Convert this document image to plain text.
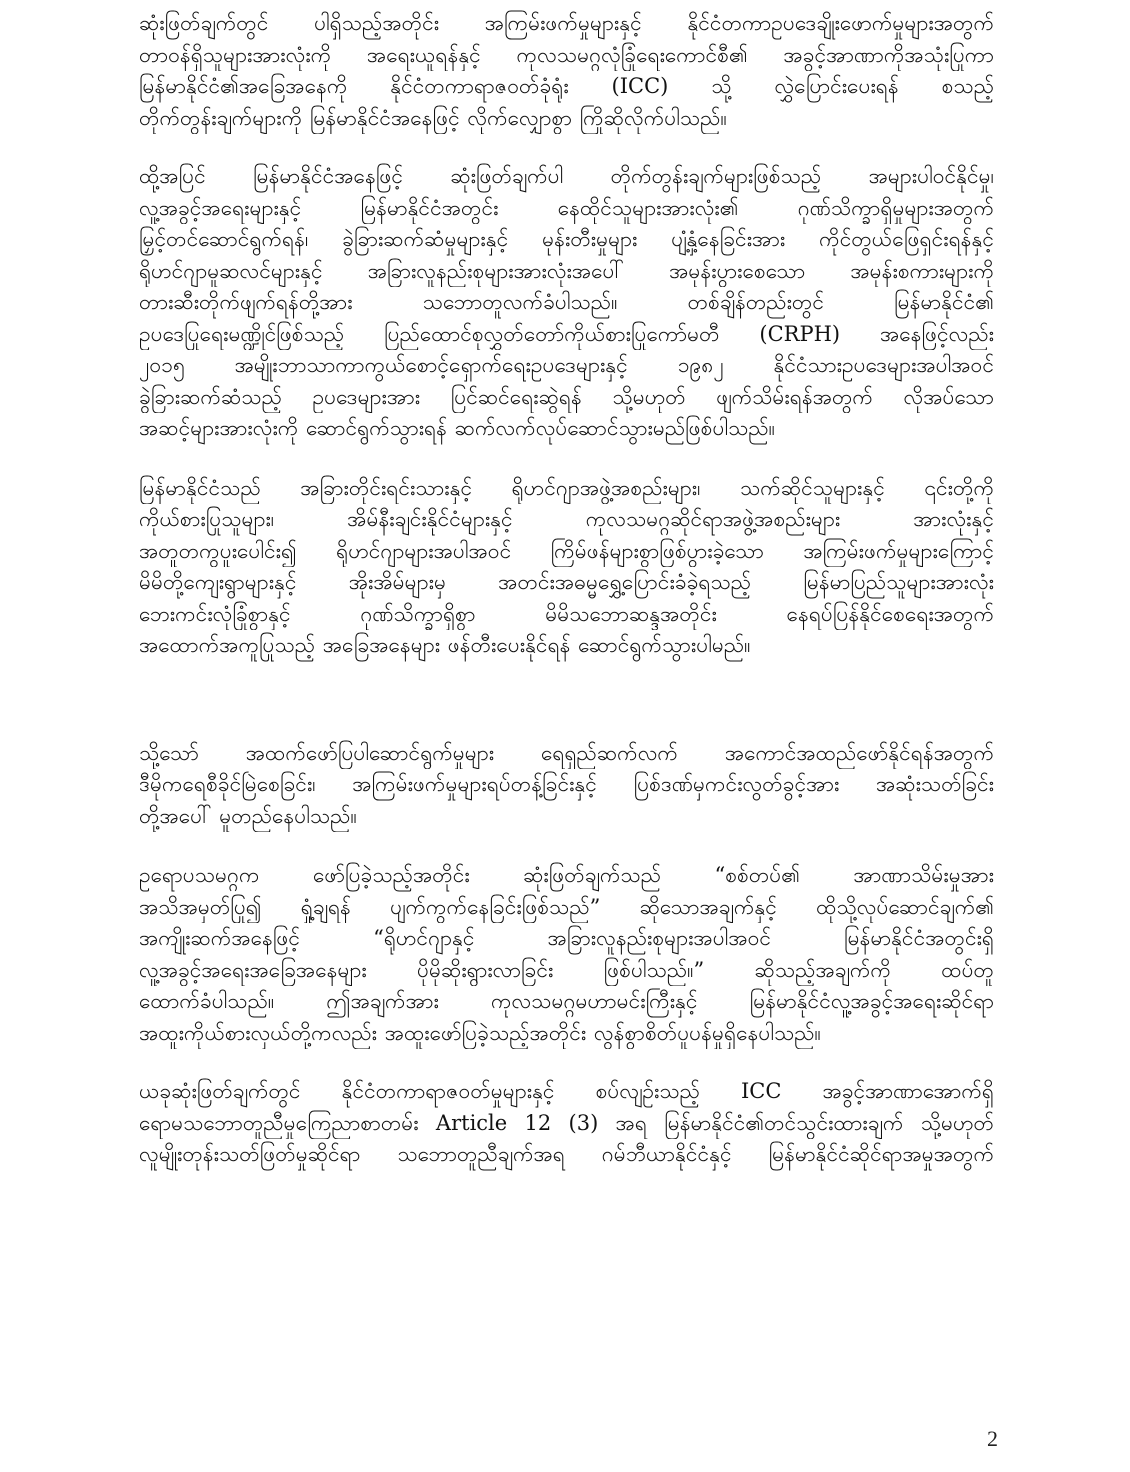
ဆုံးဖြတ်ချက်တွင် ပါရှိသည့်အတိုင်း အကြမ်းဖက်မှုများနှင့် နိုင်ငံတကာဥပဒေချိုးဖောက်မှုများအတွက်
တာဝန်ရှိသူများအားလုံးကို အရေးယူရန်နှင့် ကုလသမဂ္ဂလုံခြုံရေးကောင်စီ၏ အခွင့်အာဏာကိုအသုံးပြုကာ
မြန်မာနိုင်ငံ၏အခြေအနေကို နိုင်ငံတကာရာဇဝတ်ခုံရုံး (ICC) သို့ လွှဲပြောင်းပေးရန် စသည့်
တိုက်တွန်းချက်များကို မြန်မာနိုင်ငံအနေဖြင့် လိုက်လျှောစွာ ကြိုဆိုလိုက်ပါသည်။
ထို့အပြင် မြန်မာနိုင်ငံအနေဖြင့် ဆုံးဖြတ်ချက်ပါ တိုက်တွန်းချက်များဖြစ်သည့် အများပါဝင်နိုင်မှု၊
လူ့အခွင့်အရေးများနှင့် မြန်မာနိုင်ငံအတွင်း နေထိုင်သူများအားလုံး၏ ဂုဏ်သိက္ခာရှိမှုများအတွက်
မြှင့်တင်ဆောင်ရွက်ရန်၊ ခွဲခြားဆက်ဆံမှုများနှင့် မုန်းတီးမှုများ ပျံ့နှံ့နေခြင်းအား ကိုင်တွယ်ဖြေရှင်းရန်နှင့်
ရိုဟင်ဂျာမူဆလင်များနှင့် အခြားလူနည်းစုများအားလုံးအပေါ် အမုန်းပွားစေသော အမုန်းစကားများကို
တားဆီးတိုက်ဖျက်ရန်တို့အား သဘောတူလက်ခံပါသည်။ တစ်ချိန်တည်းတွင် မြန်မာနိုင်ငံ၏
ဥပဒေပြုရေးမဏ္ဍိုင်ဖြစ်သည့် ပြည်ထောင်စုလွှတ်တော်ကိုယ်စားပြုကော်မတီ (CRPH) အနေဖြင့်လည်း
၂၀၁၅ အမျိုးဘာသာကာကွယ်စောင့်ရှောက်ရေးဥပဒေများနှင့် ၁၉၈၂ နိုင်ငံသားဥပဒေများအပါအဝင်
ခွဲခြားဆက်ဆံသည့် ဥပဒေများအား ပြင်ဆင်ရေးဆွဲရန် သို့မဟုတ် ဖျက်သိမ်းရန်အတွက် လိုအပ်သော
အဆင့်များအားလုံးကို ဆောင်ရွက်သွားရန် ဆက်လက်လုပ်ဆောင်သွားမည်ဖြစ်ပါသည်။
မြန်မာနိုင်ငံသည် အခြားတိုင်းရင်းသားနှင့် ရိုဟင်ဂျာအဖွဲ့အစည်းများ၊ သက်ဆိုင်သူများနှင့် ၎င်းတို့ကို
ကိုယ်စားပြုသူများ၊ အိမ်နီးချင်းနိုင်ငံများနှင့် ကုလသမဂ္ဂဆိုင်ရာအဖွဲ့အစည်းများ အားလုံးနှင့်
အတူတကွပူးပေါင်း၍ ရိုဟင်ဂျာများအပါအဝင် ကြိမ်ဖန်များစွာဖြစ်ပွားခဲ့သော အကြမ်းဖက်မှုများကြောင့်
မိမိတို့ကျေးရွာများနှင့် အိုးအိမ်များမှ အတင်းအဓမ္မရွှေ့ပြောင်းခံခဲ့ရသည့် မြန်မာပြည်သူများအားလုံး
ဘေးကင်းလုံခြုံစွာနှင့် ဂုဏ်သိက္ခာရှိစွာ မိမိသဘောဆန္ဒအတိုင်း နေရပ်ပြန်နိုင်စေရေးအတွက်
အထောက်အကူပြုသည့် အခြေအနေများ ဖန်တီးပေးနိုင်ရန် ဆောင်ရွက်သွားပါမည်။
သို့သော် အထက်ဖော်ပြပါဆောင်ရွက်မှုများ ရေရှည်ဆက်လက် အကောင်အထည်ဖော်နိုင်ရန်အတွက်
ဒီမိုကရေစီခိုင်မြဲစေခြင်း၊ အကြမ်းဖက်မှုများရပ်တန့်ခြင်းနှင့် ပြစ်ဒဏ်မှကင်းလွတ်ခွင့်အား အဆုံးသတ်ခြင်း
တို့အပေါ် မူတည်နေပါသည်။
ဥရောပသမဂ္ဂက ဖော်ပြခဲ့သည့်အတိုင်း ဆုံးဖြတ်ချက်သည် “စစ်တပ်၏ အာဏာသိမ်းမှုအား
အသိအမှတ်ပြု၍ ရှုံ့ချရန် ပျက်ကွက်နေခြင်းဖြစ်သည်” ဆိုသောအချက်နှင့် ထိုသို့လုပ်ဆောင်ချက်၏
အကျိုးဆက်အနေဖြင့် “ရိုဟင်ဂျာနှင့် အခြားလူနည်းစုများအပါအဝင် မြန်မာနိုင်ငံအတွင်းရှိ
လူ့အခွင့်အရေးအခြေအနေများ ပိုမိုဆိုးရွားလာခြင်း ဖြစ်ပါသည်။” ဆိုသည့်အချက်ကို ထပ်တူ
ထောက်ခံပါသည်။ ဤအချက်အား ကုလသမဂ္ဂမဟာမင်းကြီးနှင့် မြန်မာနိုင်ငံလူ့အခွင့်အရေးဆိုင်ရာ
အထူးကိုယ်စားလှယ်တို့ကလည်း အထူးဖော်ပြခဲ့သည့်အတိုင်း လွန်စွာစိတ်ပူပန်မှုရှိနေပါသည်။
ယခုဆုံးဖြတ်ချက်တွင် နိုင်ငံတကာရာဇဝတ်မှုများနှင့် စပ်လျဉ်းသည့် ICC အခွင့်အာဏာအောက်ရှိ
ရောမသဘောတူညီမှုကြေညာစာတမ်း Article 12 (3) အရ မြန်မာနိုင်ငံ၏တင်သွင်းထားချက် သို့မဟုတ်
လူမျိုးတုန်းသတ်ဖြတ်မှုဆိုင်ရာ သဘောတူညီချက်အရ ဂမ်ဘီယာနိုင်ငံနှင့် မြန်မာနိုင်ငံဆိုင်ရာအမှုအတွက်
2
